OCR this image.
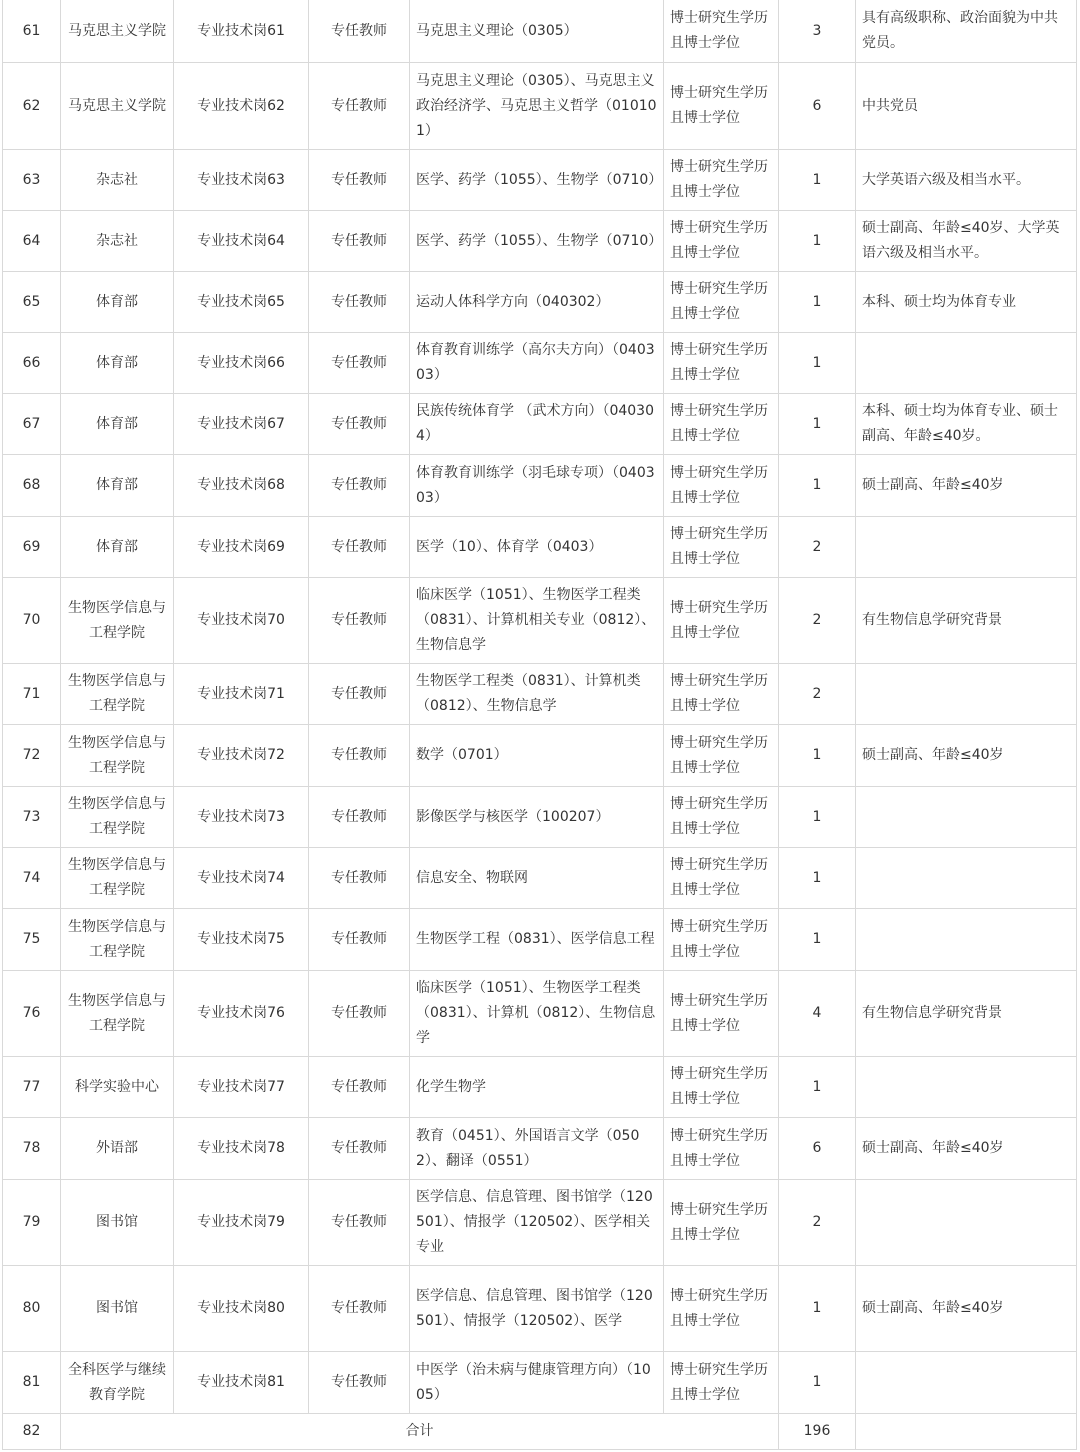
61	马克思主义学院	专业技术岗61	专任教师	马克思主义理论（0305）	博士研究生学历且博士学位	3	具有高级职称、政治面貌为中共党员。
62	马克思主义学院	专业技术岗62	专任教师	马克思主义理论（0305）、马克思主义政治经济学、马克思主义哲学（010101）	博士研究生学历且博士学位	6	中共党员
63	杂志社	专业技术岗63	专任教师	医学、药学（1055）、生物学（0710）	博士研究生学历且博士学位	1	大学英语六级及相当水平。
64	杂志社	专业技术岗64	专任教师	医学、药学（1055）、生物学（0710）	博士研究生学历且博士学位	1	硕士副高、年龄≤40岁、大学英语六级及相当水平。
65	体育部	专业技术岗65	专任教师	运动人体科学方向（040302）	博士研究生学历且博士学位	1	本科、硕士均为体育专业
66	体育部	专业技术岗66	专任教师	体育教育训练学（高尔夫方向）（040303）	博士研究生学历且博士学位	1	
67	体育部	专业技术岗67	专任教师	民族传统体育学 （武术方向）（040304）	博士研究生学历且博士学位	1	本科、硕士均为体育专业、硕士副高、年龄≤40岁。
68	体育部	专业技术岗68	专任教师	体育教育训练学（羽毛球专项）（040303）	博士研究生学历且博士学位	1	硕士副高、年龄≤40岁
69	体育部	专业技术岗69	专任教师	医学（10）、体育学（0403）	博士研究生学历且博士学位	2	
70	生物医学信息与工程学院	专业技术岗70	专任教师	临床医学（1051）、生物医学工程类（0831）、计算机相关专业（0812）、生物信息学	博士研究生学历且博士学位	2	有生物信息学研究背景
71	生物医学信息与工程学院	专业技术岗71	专任教师	生物医学工程类（0831）、计算机类（0812）、生物信息学	博士研究生学历且博士学位	2	
72	生物医学信息与工程学院	专业技术岗72	专任教师	数学（0701）	博士研究生学历且博士学位	1	硕士副高、年龄≤40岁
73	生物医学信息与工程学院	专业技术岗73	专任教师	影像医学与核医学（100207）	博士研究生学历且博士学位	1	
74	生物医学信息与工程学院	专业技术岗74	专任教师	信息安全、物联网	博士研究生学历且博士学位	1	
75	生物医学信息与工程学院	专业技术岗75	专任教师	生物医学工程（0831）、医学信息工程	博士研究生学历且博士学位	1	
76	生物医学信息与工程学院	专业技术岗76	专任教师	临床医学（1051）、生物医学工程类（0831）、计算机（0812）、生物信息学	博士研究生学历且博士学位	4	有生物信息学研究背景
77	科学实验中心	专业技术岗77	专任教师	化学生物学	博士研究生学历且博士学位	1	
78	外语部	专业技术岗78	专任教师	教育（0451）、外国语言文学（0502）、翻译（0551）	博士研究生学历且博士学位	6	硕士副高、年龄≤40岁
79	图书馆	专业技术岗79	专任教师	医学信息、信息管理、图书馆学（120501）、情报学（120502）、医学相关专业	博士研究生学历且博士学位	2	
80	图书馆	专业技术岗80	专任教师	医学信息、信息管理、图书馆学（120501）、情报学（120502）、医学	博士研究生学历且博士学位	1	硕士副高、年龄≤40岁
81	全科医学与继续教育学院	专业技术岗81	专任教师	中医学（治未病与健康管理方向）（1005）	博士研究生学历且博士学位	1	
82	合计					196	
